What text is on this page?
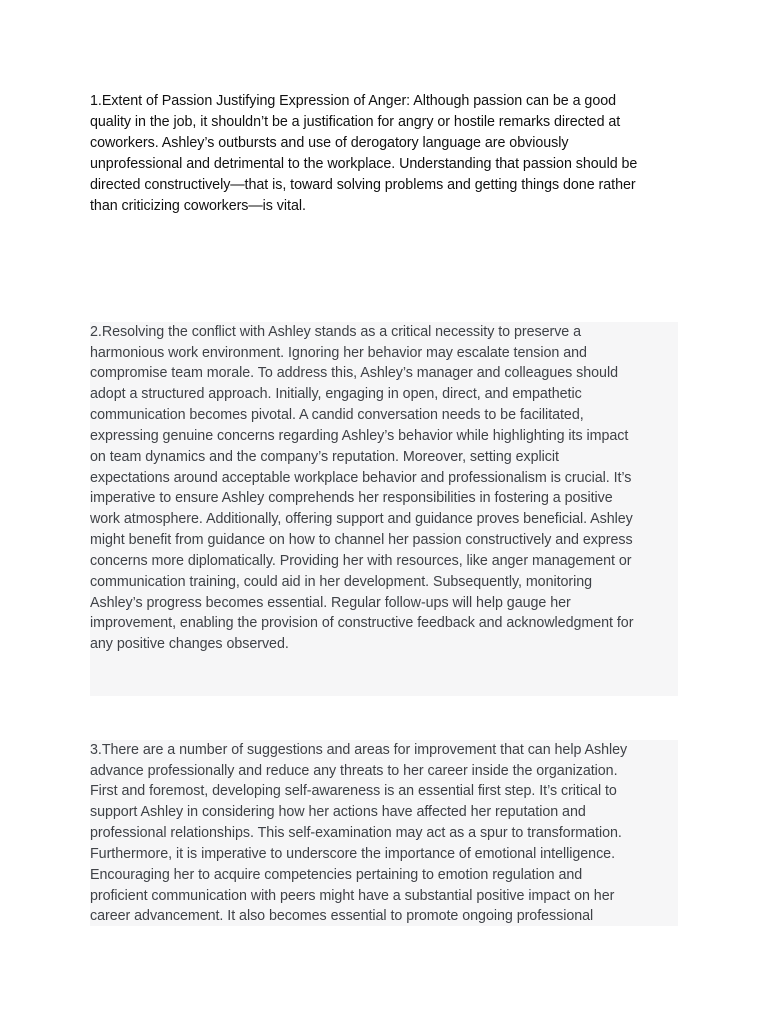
1.Extent of Passion Justifying Expression of Anger: Although passion can be a good
quality in the job, it shouldn’t be a justification for angry or hostile remarks directed at
coworkers. Ashley’s outbursts and use of derogatory language are obviously
unprofessional and detrimental to the workplace. Understanding that passion should be
directed constructively—that is, toward solving problems and getting things done rather
than criticizing coworkers—is vital.
2.Resolving the conflict with Ashley stands as a critical necessity to preserve a
harmonious work environment. Ignoring her behavior may escalate tension and
compromise team morale. To address this, Ashley’s manager and colleagues should
adopt a structured approach. Initially, engaging in open, direct, and empathetic
communication becomes pivotal. A candid conversation needs to be facilitated,
expressing genuine concerns regarding Ashley’s behavior while highlighting its impact
on team dynamics and the company’s reputation. Moreover, setting explicit
expectations around acceptable workplace behavior and professionalism is crucial. It’s
imperative to ensure Ashley comprehends her responsibilities in fostering a positive
work atmosphere. Additionally, offering support and guidance proves beneficial. Ashley
might benefit from guidance on how to channel her passion constructively and express
concerns more diplomatically. Providing her with resources, like anger management or
communication training, could aid in her development. Subsequently, monitoring
Ashley’s progress becomes essential. Regular follow-ups will help gauge her
improvement, enabling the provision of constructive feedback and acknowledgment for
any positive changes observed.
3.There are a number of suggestions and areas for improvement that can help Ashley
advance professionally and reduce any threats to her career inside the organization.
First and foremost, developing self-awareness is an essential first step. It’s critical to
support Ashley in considering how her actions have affected her reputation and
professional relationships. This self-examination may act as a spur to transformation.
Furthermore, it is imperative to underscore the importance of emotional intelligence.
Encouraging her to acquire competencies pertaining to emotion regulation and
proficient communication with peers might have a substantial positive impact on her
career advancement. It also becomes essential to promote ongoing professional
